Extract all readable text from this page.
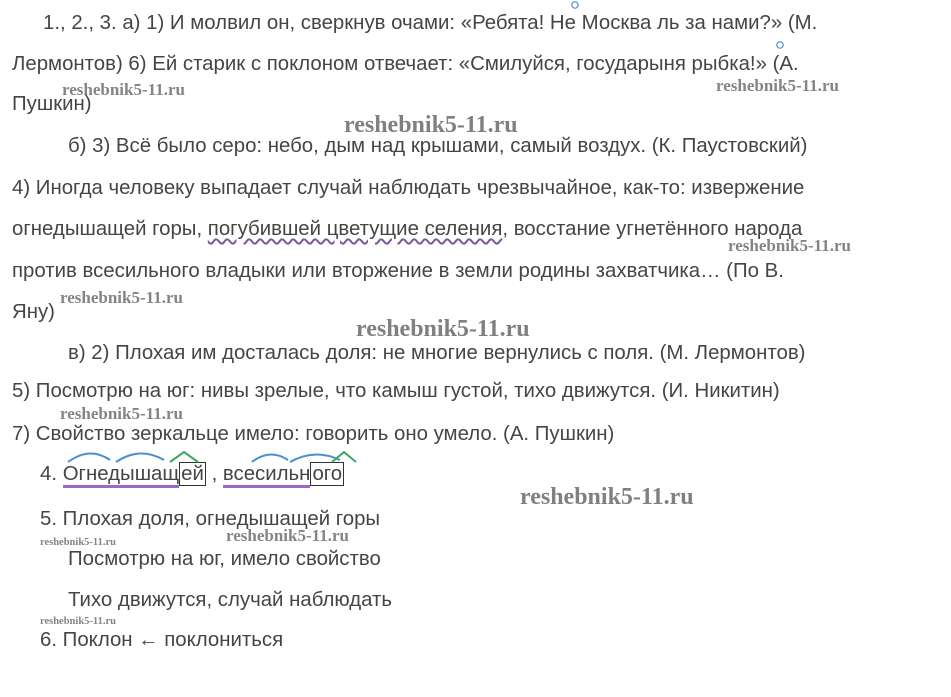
1., 2., 3. а) 1) И молвил он, сверкнув очами: «Ребята! Не Москва ль за нами?» (М.
Лермонтов) 6) Ей старик с поклоном отвечает: «Смилуйся, государыня рыбка!» (А.
Пушкин)
б) 3) Всё было серо: небо, дым над крышами, самый воздух. (К. Паустовский)
4) Иногда человеку выпадает случай наблюдать чрезвычайное, как-то: извержение
огнедышащей горы, погубившей цветущие селения, восстание угнетённого народа
против всесильного владыки или вторжение в земли родины захватчика… (По В.
Яну)
в) 2) Плохая им досталась доля: не многие вернулись с поля. (М. Лермонтов)
5) Посмотрю на юг: нивы зрелые, что камыш густой, тихо движутся. (И. Никитин)
7) Свойство зеркальце имело: говорить оно умело. (А. Пушкин)
4. Огнедышащей , всесильного
5. Плохая доля, огнедышащей горы
Посмотрю на юг, имело свойство
Тихо движутся, случай наблюдать
6. Поклон ← поклониться
reshebnik5-11.ru	reshebnik5-11.ru
reshebnik5-11.ru
reshebnik5-11.ru
reshebnik5-11.ru
reshebnik5-11.ru
reshebnik5-11.ru
reshebnik5-11.ru
reshebnik5-11.ru	reshebnik5-11.ru
reshebnik5-11.ru
